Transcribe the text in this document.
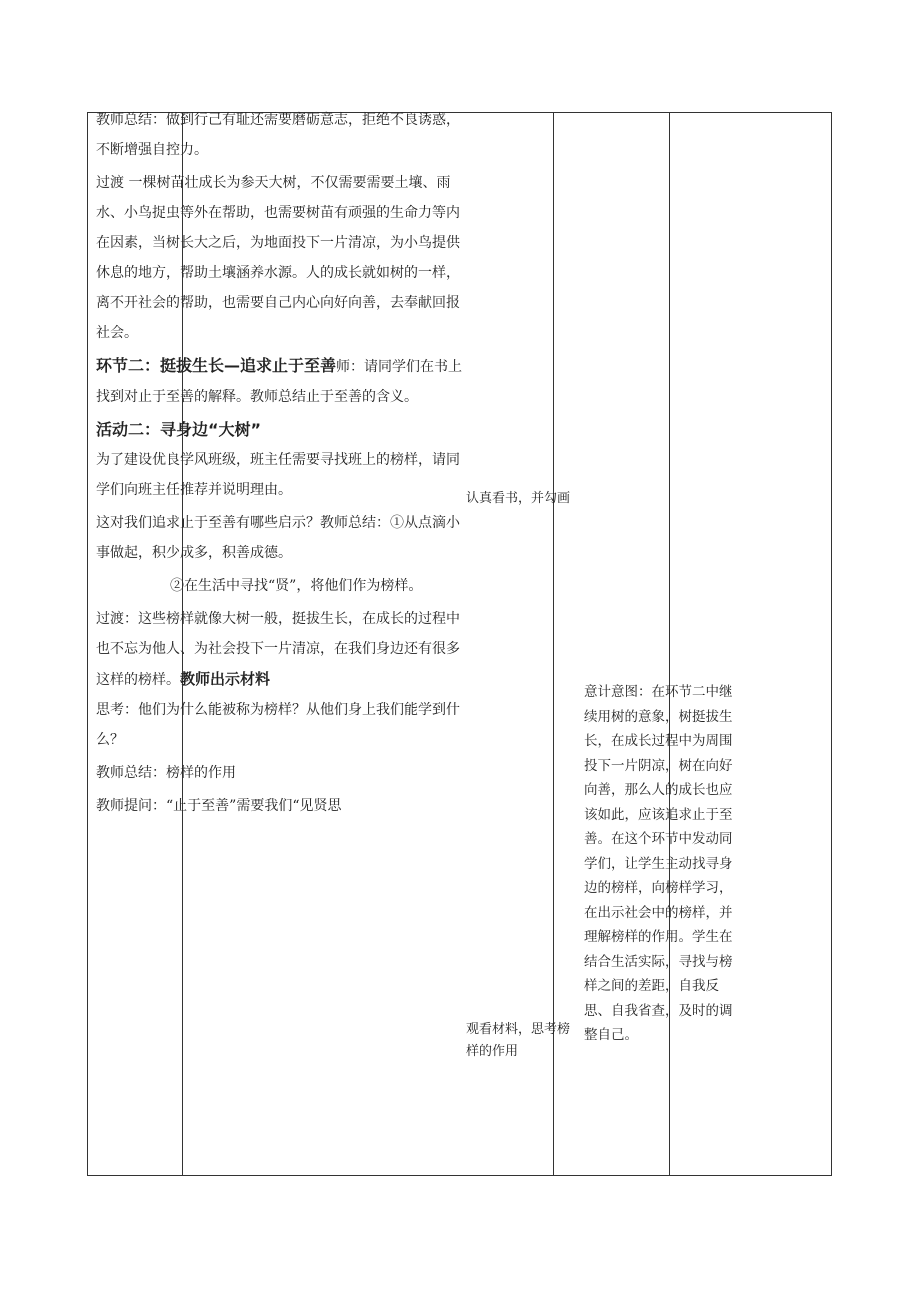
教师总结：做到行己有耻还需要磨砺意志，拒绝不良诱惑，不断增强自控力。

过渡 一棵树苗壮成长为参天大树，不仅需要需要土壤、雨水、小鸟捉虫等外在帮助，也需要树苗有顽强的生命力等内在因素，当树长大之后，为地面投下一片清凉，为小鸟提供休息的地方，帮助土壤涵养水源。人的成长就如树的一样，离不开社会的帮助，也需要自己内心向好向善，去奉献回报社会。

环节二：挺拔生长—追求止于至善师：请同学们在书上找到对止于至善的解释。教师总结止于至善的含义。

活动二：寻身边“大树”

为了建设优良学风班级，班主任需要寻找班上的榜样，请同学们向班主任推荐并说明理由。

这对我们追求止于至善有哪些启示？教师总结：①从点滴小事做起，积少成多，积善成德。

②在生活中寻找“贤”，将他们作为榜样。

过渡：这些榜样就像大树一般，挺拔生长，在成长的过程中也不忘为他人、为社会投下一片清凉，在我们身边还有很多这样的榜样。教师出示材料

思考：他们为什么能被称为榜样？从他们身上我们能学到什么？

教师总结：榜样的作用

教师提问：“止于至善”需要我们“见贤思

认真看书，并勾画
观看材料，思考榜样的作用
意计意图：在环节二中继续用树的意象，树挺拔生长，在成长过程中为周围投下一片阴凉，树在向好向善，那么人的成长也应该如此，应该追求止于至善。在这个环节中发动同学们，让学生主动找寻身边的榜样，向榜样学习，在出示社会中的榜样，并理解榜样的作用。学生在结合生活实际，寻找与榜样之间的差距，自我反思、自我省查，及时的调整自己。
